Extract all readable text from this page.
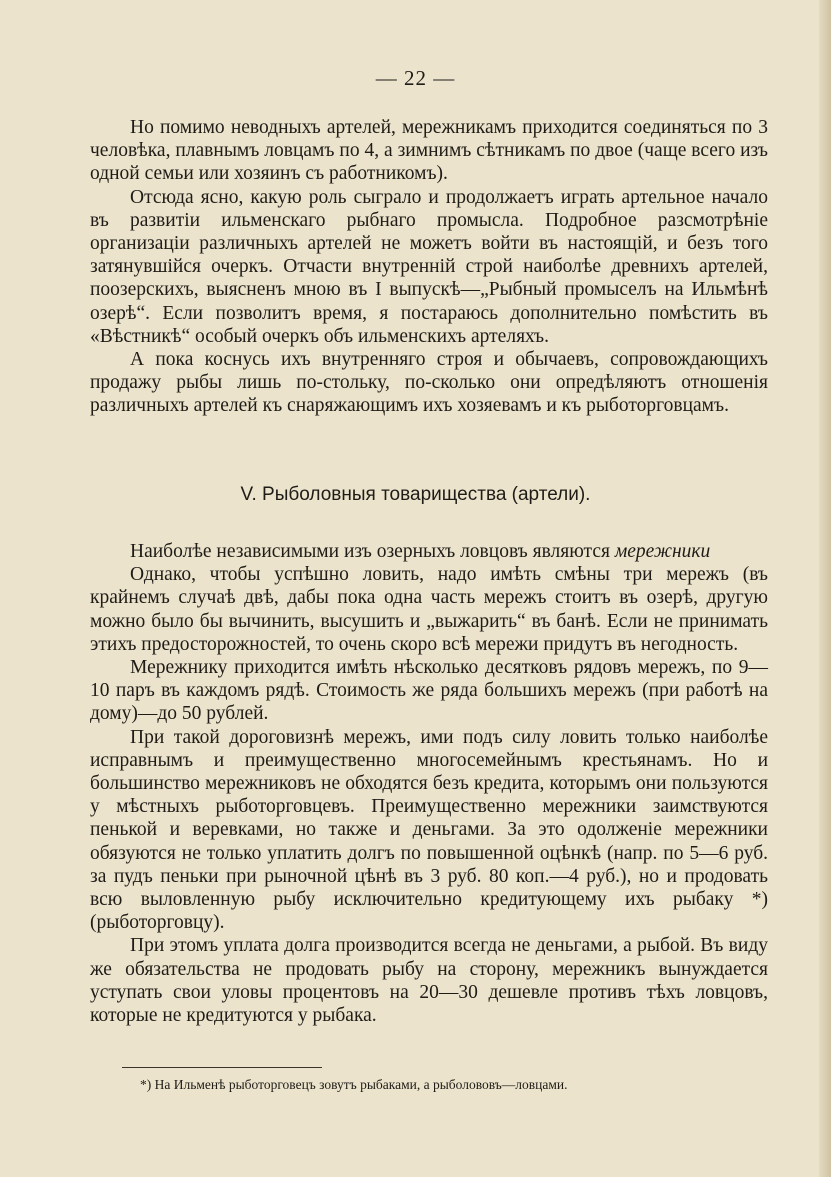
— 22 —

Но помимо неводныхъ артелей, мережникамъ приходится соединяться по 3 человѣка, плавнымъ ловцамъ по 4, а зимнимъ сѣтникамъ по двое (чаще всего изъ одной семьи или хозяинъ съ работникомъ).

Отсюда ясно, какую роль сыграло и продолжаетъ играть артельное начало въ развитіи ильменскаго рыбнаго промысла. Подробное разсмотрѣніе организаціи различныхъ артелей не можетъ войти въ настоящій, и безъ того затянувшійся очеркъ. Отчасти внутренній строй наиболѣе древнихъ артелей, поозерскихъ, выясненъ мною въ I выпускѣ—„Рыбный промыселъ на Ильмѣнѣ озерѣ“. Если позволитъ время, я постараюсь дополнительно помѣстить въ «Вѣстникѣ“ особый очеркъ объ ильменскихъ артеляхъ.

А пока коснусь ихъ внутренняго строя и обычаевъ, сопровождающихъ продажу рыбы лишь по-стольку, по-сколько они опредѣляютъ отношенія различныхъ артелей къ снаряжающимъ ихъ хозяевамъ и къ рыботорговцамъ.

V. Рыболовныя товарищества (артели).

Наиболѣе независимыми изъ озерныхъ ловцовъ являются мережники

Однако, чтобы успѣшно ловить, надо имѣть смѣны три мережъ (въ крайнемъ случаѣ двѣ, дабы пока одна часть мережъ стоитъ въ озерѣ, другую можно было бы вычинить, высушить и „выжарить“ въ банѣ. Если не принимать этихъ предосторожностей, то очень скоро всѣ мережи придутъ въ негодность.

Мережнику приходится имѣть нѣсколько десятковъ рядовъ мережъ, по 9—10 паръ въ каждомъ рядѣ. Стоимость же ряда большихъ мережъ (при работѣ на дому)—до 50 рублей.

При такой дороговизнѣ мережъ, ими подъ силу ловить только наиболѣе исправнымъ и преимущественно многосемейнымъ крестьянамъ. Но и большинство мережниковъ не обходятся безъ кредита, которымъ они пользуются у мѣстныхъ рыботорговцевъ. Преимущественно мережники заимствуются пенькой и веревками, но также и деньгами. За это одолженіе мережники обязуются не только уплатить долгъ по повышенной оцѣнкѣ (напр. по 5—6 руб. за пудъ пеньки при рыночной цѣнѣ въ 3 руб. 80 коп.—4 руб.), но и продовать всю выловленную рыбу исключительно кредитующему ихъ рыбаку *) (рыботорговцу).

При этомъ уплата долга производится всегда не деньгами, а рыбой. Въ виду же обязательства не продовать рыбу на сторону, мережникъ вынуждается уступать свои уловы процентовъ на 20—30 дешевле противъ тѣхъ ловцовъ, которые не кредитуются у рыбака.

*) На Ильменѣ рыботорговецъ зовутъ рыбаками, а рыболововъ—ловцами.
